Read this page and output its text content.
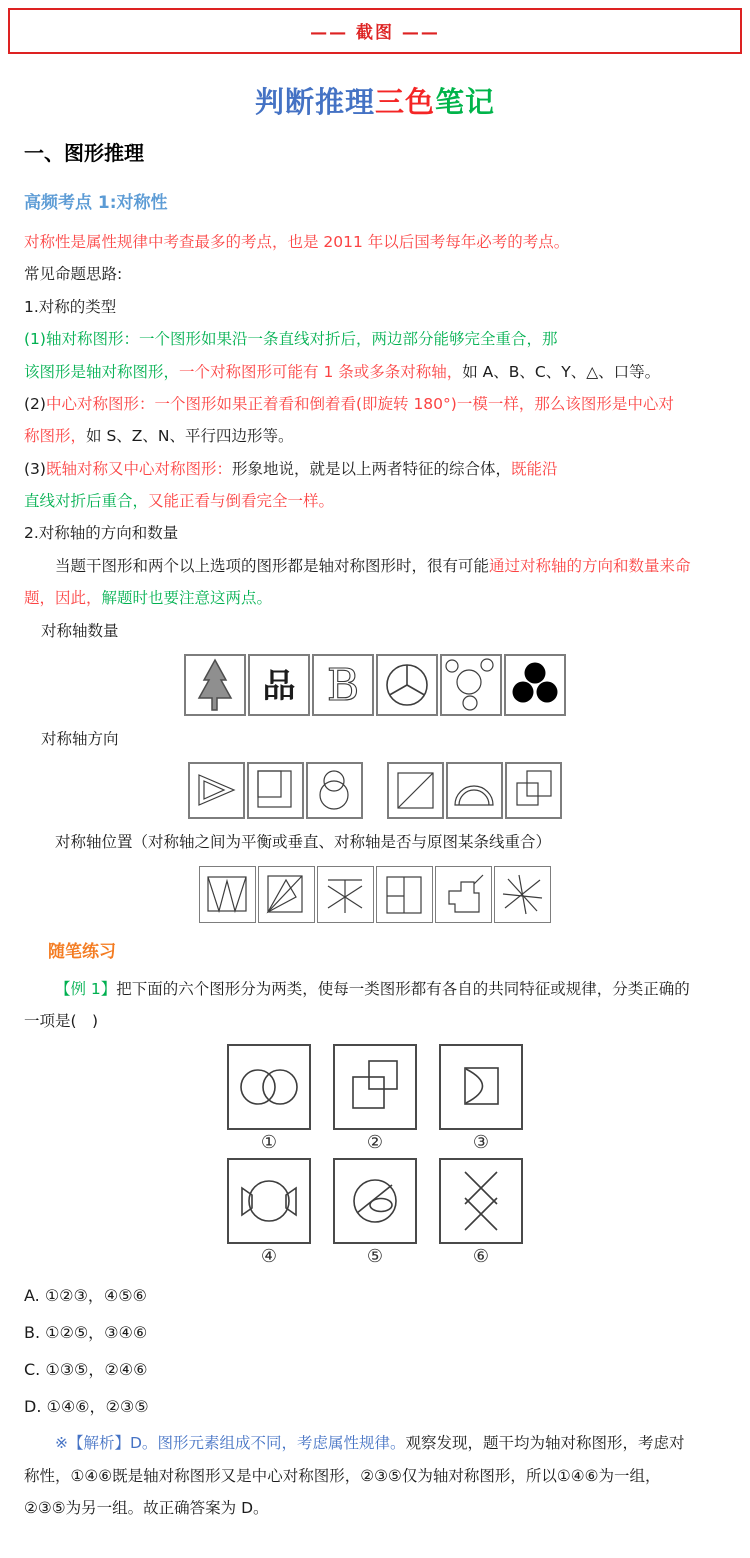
—— 截图 ——
判断推理三色笔记
一、图形推理
高频考点 1:对称性

对称性是属性规律中考查最多的考点，也是 2011 年以后国考每年必考的考点。

常见命题思路:

1.对称的类型

(1)轴对称图形：一个图形如果沿一条直线对折后，两边部分能够完全重合，那

该图形是轴对称图形，一个对称图形可能有 1 条或多条对称轴，如 A、B、C、Y、△、口等。

(2)中心对称图形：一个图形如果正着看和倒着看(即旋转 180°)一模一样，那么该图形是中心对

称图形，如 S、Z、N、平行四边形等。

(3)既轴对称又中心对称图形：形象地说，就是以上两者特征的综合体，既能沿

直线对折后重合，又能正看与倒看完全一样。

2.对称轴的方向和数量

当题干图形和两个以上选项的图形都是轴对称图形时，很有可能通过对称轴的方向和数量来命

题，因此，解题时也要注意这两点。

对称轴数量

品 B

对称轴方向

对称轴位置（对称轴之间为平衡或垂直、对称轴是否与原图某条线重合）

随笔练习

【例 1】把下面的六个图形分为两类，使每一类图形都有各自的共同特征或规律，分类正确的

一项是(　)

①	②	③
④	⑤	⑥

A. ①②③，④⑤⑥

B. ①②⑤，③④⑥

C. ①③⑤，②④⑥

D. ①④⑥，②③⑤

※【解析】D。图形元素组成不同，考虑属性规律。观察发现，题干均为轴对称图形，考虑对

称性，①④⑥既是轴对称图形又是中心对称图形，②③⑤仅为轴对称图形，所以①④⑥为一组，

②③⑤为另一组。故正确答案为 D。
